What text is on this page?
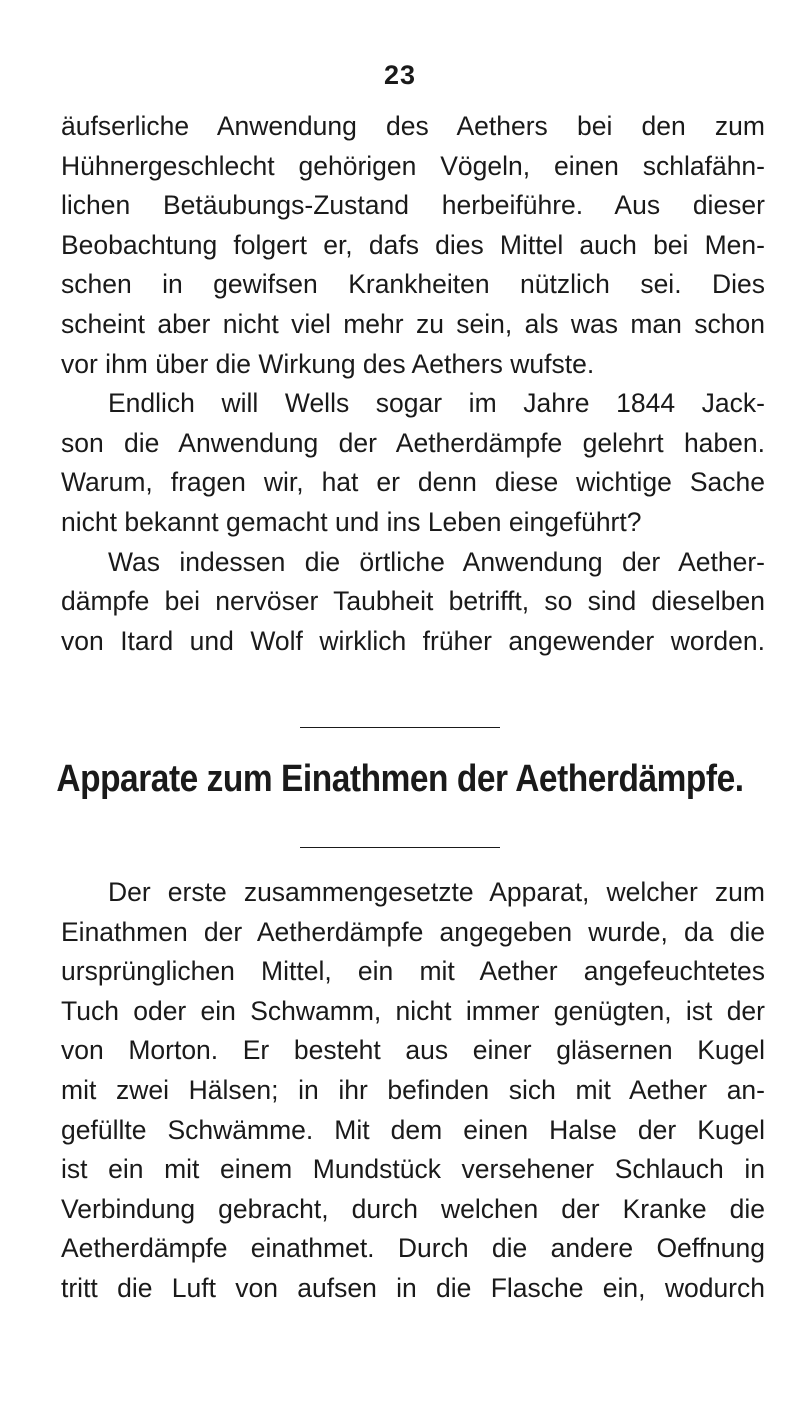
23
äufserliche Anwendung des Aethers bei den zum
Hühnergeschlecht gehörigen Vögeln, einen schlafähn-
lichen Betäubungs-Zustand herbeiführe. Aus dieser
Beobachtung folgert er, dafs dies Mittel auch bei Men-
schen in gewifsen Krankheiten nützlich sei. Dies
scheint aber nicht viel mehr zu sein, als was man schon
vor ihm über die Wirkung des Aethers wufste.
Endlich will Wells sogar im Jahre 1844 Jack-
son die Anwendung der Aetherdämpfe gelehrt haben.
Warum, fragen wir, hat er denn diese wichtige Sache
nicht bekannt gemacht und ins Leben eingeführt?
Was indessen die örtliche Anwendung der Aether-
dämpfe bei nervöser Taubheit betrifft, so sind dieselben
von Itard und Wolf wirklich früher angewender worden.
Apparate zum Einathmen der Aetherdämpfe.
Der erste zusammengesetzte Apparat, welcher zum
Einathmen der Aetherdämpfe angegeben wurde, da die
ursprünglichen Mittel, ein mit Aether angefeuchtetes
Tuch oder ein Schwamm, nicht immer genügten, ist der
von Morton. Er besteht aus einer gläsernen Kugel
mit zwei Hälsen; in ihr befinden sich mit Aether an-
gefüllte Schwämme. Mit dem einen Halse der Kugel
ist ein mit einem Mundstück versehener Schlauch in
Verbindung gebracht, durch welchen der Kranke die
Aetherdämpfe einathmet. Durch die andere Oeffnung
tritt die Luft von aufsen in die Flasche ein, wodurch
